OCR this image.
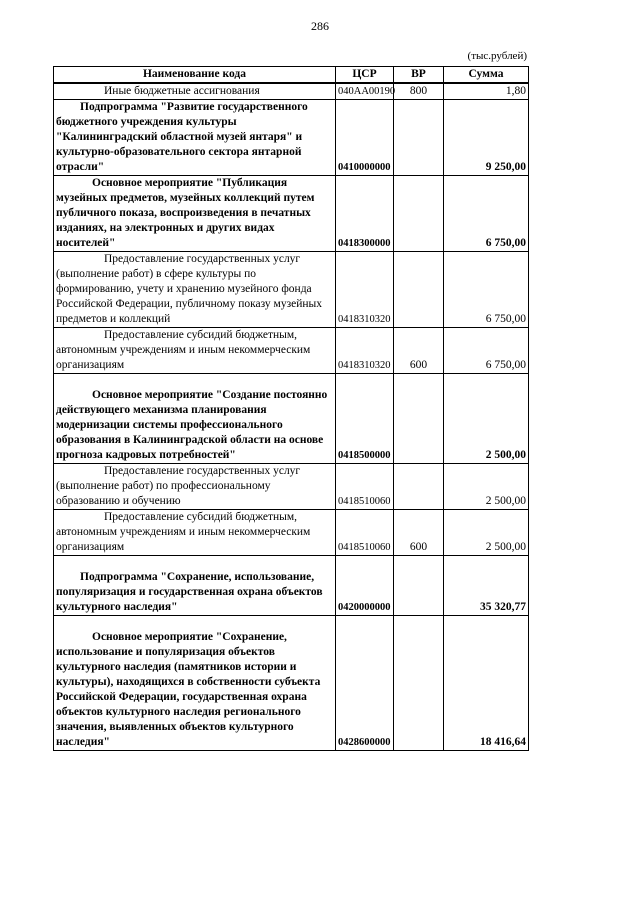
286
(тыс.рублей)
Наименование кода	ЦСР	ВР	Сумма
Иные бюджетные ассигнования	040AA00190	800	1,80
Подпрограмма "Развитие государственного бюджетного учреждения культуры "Калининградский областной музей янтаря" и культурно-образовательного сектора янтарной отрасли"	0410000000		9 250,00
Основное мероприятие "Публикация музейных предметов, музейных коллекций путем публичного показа, воспроизведения в печатных изданиях, на электронных и других видах носителей"	0418300000		6 750,00
Предоставление государственных услуг (выполнение работ) в сфере культуры по формированию, учету и хранению музейного фонда Российской Федерации, публичному показу музейных предметов и коллекций	0418310320		6 750,00
Предоставление субсидий бюджетным, автономным учреждениям и иным некоммерческим организациям	0418310320	600	6 750,00
Основное мероприятие "Создание постоянно действующего механизма планирования модернизации системы профессионального образования в Калининградской области на основе прогноза кадровых потребностей"	0418500000		2 500,00
Предоставление государственных услуг (выполнение работ) по профессиональному образованию и обучению	0418510060		2 500,00
Предоставление субсидий бюджетным, автономным учреждениям и иным некоммерческим организациям	0418510060	600	2 500,00
Подпрограмма "Сохранение, использование, популяризация и государственная охрана объектов культурного наследия"	0420000000		35 320,77
Основное мероприятие "Сохранение, использование и популяризация объектов культурного наследия (памятников истории и культуры), находящихся в собственности субъекта Российской Федерации, государственная охрана объектов культурного наследия регионального значения, выявленных объектов культурного наследия"	0428600000		18 416,64
